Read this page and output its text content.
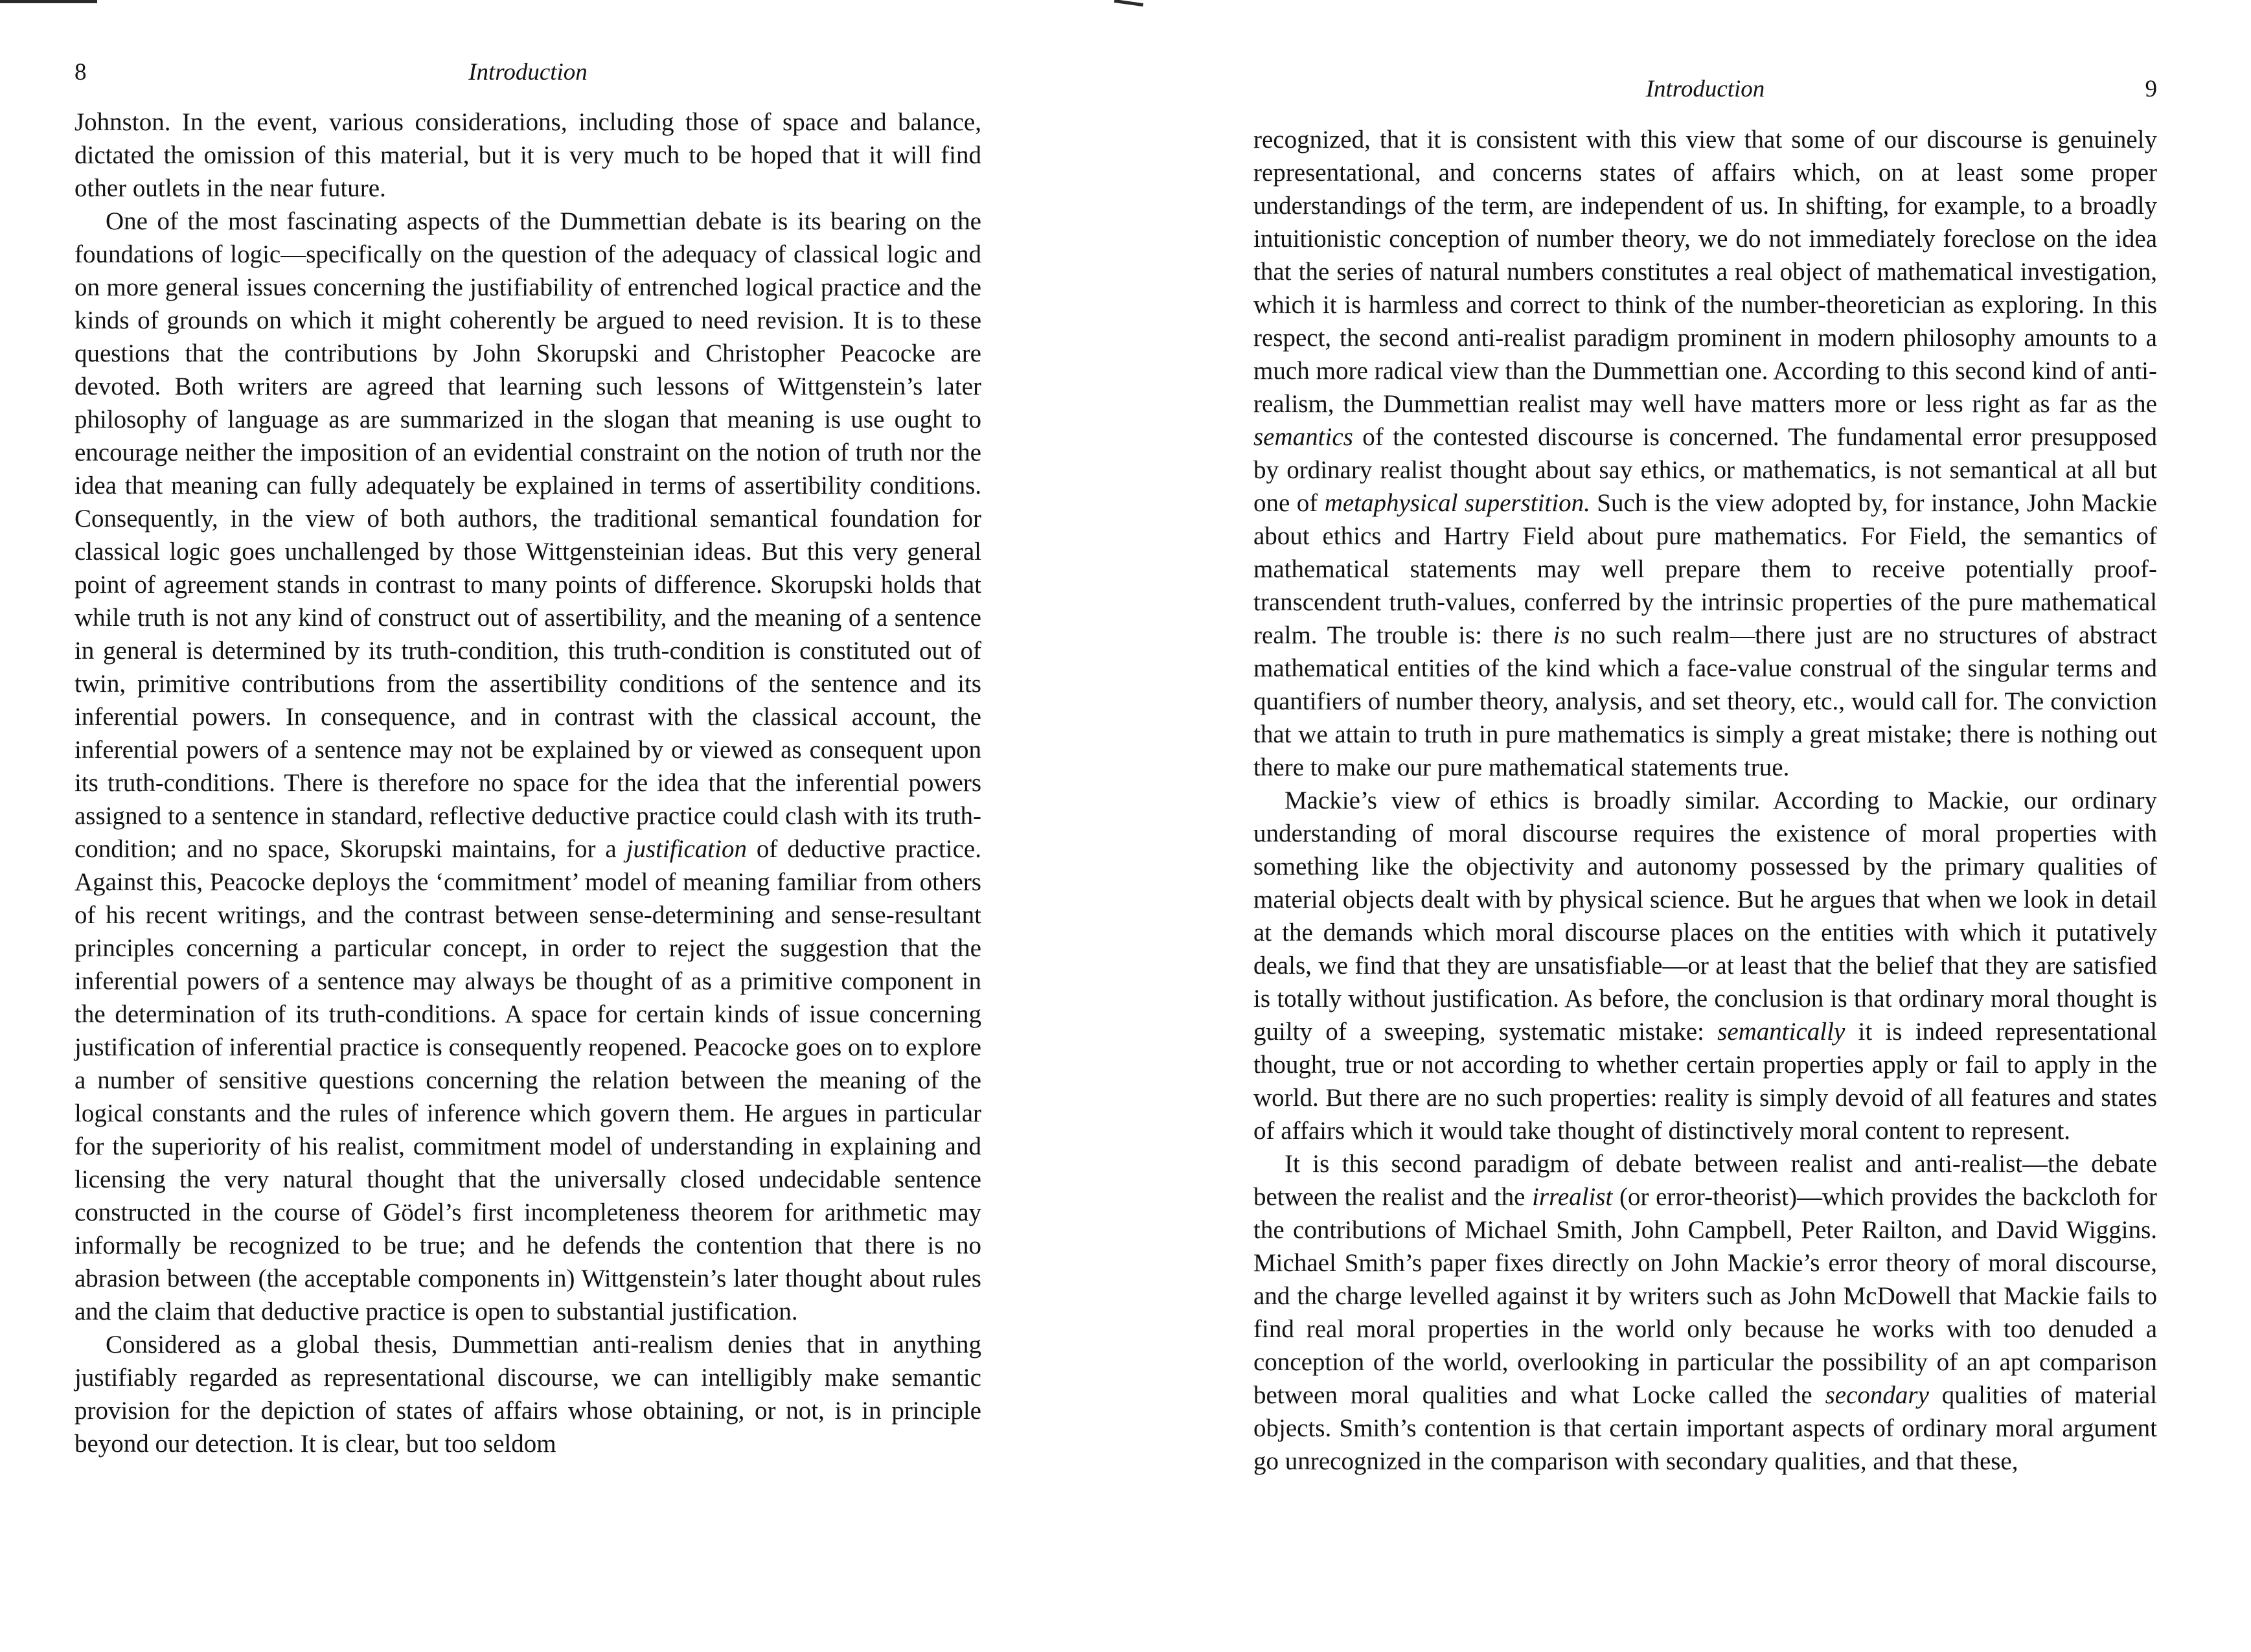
8	Introduction

Johnston. In the event, various considerations, including those of space and balance, dictated the omission of this material, but it is very much to be hoped that it will find other outlets in the near future.

One of the most fascinating aspects of the Dummettian debate is its bearing on the foundations of logic—specifically on the question of the adequacy of classical logic and on more general issues concerning the justifiability of entrenched logical practice and the kinds of grounds on which it might coherently be argued to need revision. It is to these questions that the contributions by John Skorupski and Christopher Peacocke are devoted. Both writers are agreed that learning such lessons of Wittgenstein’s later philosophy of language as are summarized in the slogan that meaning is use ought to encourage neither the imposition of an evidential constraint on the notion of truth nor the idea that meaning can fully adequately be explained in terms of assertibility conditions. Consequently, in the view of both authors, the traditional semantical foundation for classical logic goes unchallenged by those Wittgensteinian ideas. But this very general point of agreement stands in contrast to many points of difference. Skorupski holds that while truth is not any kind of construct out of assertibility, and the meaning of a sentence in general is determined by its truth-condition, this truth-condition is constituted out of twin, primitive contributions from the assertibility conditions of the sentence and its inferential powers. In consequence, and in contrast with the classical account, the inferential powers of a sentence may not be explained by or viewed as consequent upon its truth-conditions. There is therefore no space for the idea that the inferential powers assigned to a sentence in standard, reflective deductive practice could clash with its truth-condition; and no space, Skorupski maintains, for a justification of deductive practice. Against this, Peacocke deploys the ‘commitment’ model of meaning familiar from others of his recent writings, and the contrast between sense-determining and sense-resultant principles concerning a particular concept, in order to reject the suggestion that the inferential powers of a sentence may always be thought of as a primitive component in the determination of its truth-conditions. A space for certain kinds of issue concerning justification of inferential practice is consequently reopened. Peacocke goes on to explore a number of sensitive questions concerning the relation between the meaning of the logical constants and the rules of inference which govern them. He argues in particular for the superiority of his realist, commitment model of understanding in explaining and licensing the very natural thought that the universally closed undecidable sentence constructed in the course of Gödel’s first incompleteness theorem for arithmetic may informally be recognized to be true; and he defends the contention that there is no abrasion between (the acceptable components in) Wittgenstein’s later thought about rules and the claim that deductive practice is open to substantial justification.

Considered as a global thesis, Dummettian anti-realism denies that in anything justifiably regarded as representational discourse, we can intelligibly make semantic provision for the depiction of states of affairs whose obtaining, or not, is in principle beyond our detection. It is clear, but too seldom

Introduction	9

recognized, that it is consistent with this view that some of our discourse is genuinely representational, and concerns states of affairs which, on at least some proper understandings of the term, are independent of us. In shifting, for example, to a broadly intuitionistic conception of number theory, we do not immediately foreclose on the idea that the series of natural numbers constitutes a real object of mathematical investigation, which it is harmless and correct to think of the number-theoretician as exploring. In this respect, the second anti-realist paradigm prominent in modern philosophy amounts to a much more radical view than the Dummettian one. According to this second kind of anti-realism, the Dummettian realist may well have matters more or less right as far as the semantics of the contested discourse is concerned. The fundamental error presupposed by ordinary realist thought about say ethics, or mathematics, is not semantical at all but one of metaphysical superstition. Such is the view adopted by, for instance, John Mackie about ethics and Hartry Field about pure mathematics. For Field, the semantics of mathematical statements may well prepare them to receive potentially proof-transcendent truth-values, conferred by the intrinsic properties of the pure mathematical realm. The trouble is: there is no such realm—there just are no structures of abstract mathematical entities of the kind which a face-value construal of the singular terms and quantifiers of number theory, analysis, and set theory, etc., would call for. The conviction that we attain to truth in pure mathematics is simply a great mistake; there is nothing out there to make our pure mathematical statements true.

Mackie’s view of ethics is broadly similar. According to Mackie, our ordinary understanding of moral discourse requires the existence of moral properties with something like the objectivity and autonomy possessed by the primary qualities of material objects dealt with by physical science. But he argues that when we look in detail at the demands which moral discourse places on the entities with which it putatively deals, we find that they are unsatisfiable—or at least that the belief that they are satisfied is totally without justification. As before, the conclusion is that ordinary moral thought is guilty of a sweeping, systematic mistake: semantically it is indeed representational thought, true or not according to whether certain properties apply or fail to apply in the world. But there are no such properties: reality is simply devoid of all features and states of affairs which it would take thought of distinctively moral content to represent.

It is this second paradigm of debate between realist and anti-realist—the debate between the realist and the irrealist (or error-theorist)—which provides the backcloth for the contributions of Michael Smith, John Campbell, Peter Railton, and David Wiggins. Michael Smith’s paper fixes directly on John Mackie’s error theory of moral discourse, and the charge levelled against it by writers such as John McDowell that Mackie fails to find real moral properties in the world only because he works with too denuded a conception of the world, overlooking in particular the possibility of an apt comparison between moral qualities and what Locke called the secondary qualities of material objects. Smith’s contention is that certain important aspects of ordinary moral argument go unrecognized in the comparison with secondary qualities, and that these,
